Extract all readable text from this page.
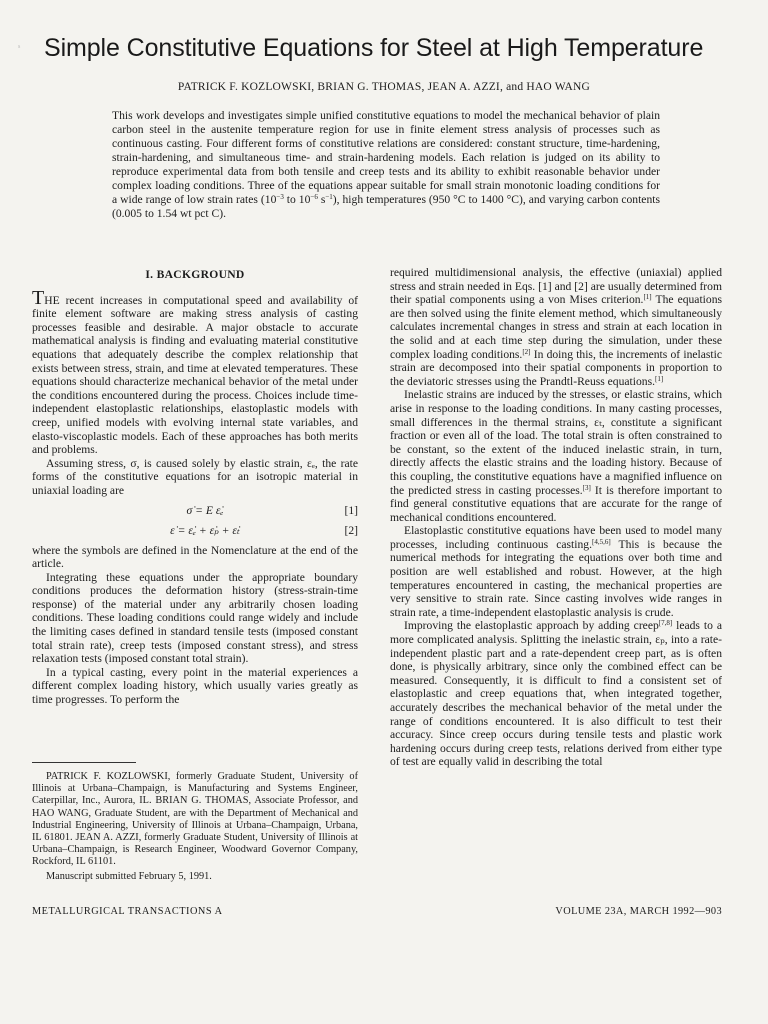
s Simple Constitutive Equations for Steel at High Temperature
PATRICK F. KOZLOWSKI, BRIAN G. THOMAS, JEAN A. AZZI, and HAO WANG

This work develops and investigates simple unified constitutive equations to model the mechanical behavior of plain carbon steel in the austenite temperature region for use in finite element stress analysis of processes such as continuous casting. Four different forms of constitutive relations are considered: constant structure, time-hardening, strain-hardening, and simultaneous time- and strain-hardening models. Each relation is judged on its ability to reproduce experimental data from both tensile and creep tests and its ability to exhibit reasonable behavior under complex loading conditions. Three of the equations appear suitable for small strain monotonic loading conditions for a wide range of low strain rates ($10^{-3}$ to $10^{-6}$ $s^{-1}$), high temperatures (950 °C to 1400 °C), and varying carbon contents (0.005 to 1.54 wt pct C).

I. BACKGROUND

THE recent increases in computational speed and availability of finite element software are making stress analysis of casting processes feasible and desirable. A major obstacle to accurate mathematical analysis is finding and evaluating material constitutive equations that adequately describe the complex relationship that exists between stress, strain, and time at elevated temperatures. These equations should characterize mechanical behavior of the metal under the conditions encountered during the process. Choices include time-independent elastoplastic relationships, elastoplastic models with creep, unified models with evolving internal state variables, and elasto-viscoplastic models. Each of these approaches has both merits and problems.

Assuming stress, σ, is caused solely by elastic strain, εₑ, the rate forms of the constitutive equations for an isotropic material in uniaxial loading are

σ̇ = E ε̇ₑ	[1]
ε̇ = ε̇ₑ + ε̇ₚ + ε̇ₜ	[2]

where the symbols are defined in the Nomenclature at the end of the article.

Integrating these equations under the appropriate boundary conditions produces the deformation history (stress-strain-time response) of the material under any arbitrarily chosen loading conditions. These loading conditions could range widely and include the limiting cases defined in standard tensile tests (imposed constant total strain rate), creep tests (imposed constant stress), and stress relaxation tests (imposed constant total strain).

In a typical casting, every point in the material experiences a different complex loading history, which usually varies greatly as time progresses. To perform the

required multidimensional analysis, the effective (uniaxial) applied stress and strain needed in Eqs. [1] and [2] are usually determined from their spatial components using a von Mises criterion.[1] The equations are then solved using the finite element method, which simultaneously calculates incremental changes in stress and strain at each location in the solid and at each time step during the simulation, under these complex loading conditions.[2] In doing this, the increments of inelastic strain are decomposed into their spatial components in proportion to the deviatoric stresses using the Prandtl-Reuss equations.[1]

Inelastic strains are induced by the stresses, or elastic strains, which arise in response to the loading conditions. In many casting processes, small differences in the thermal strains, εₜ, constitute a significant fraction or even all of the load. The total strain is often constrained to be constant, so the extent of the induced inelastic strain, in turn, directly affects the elastic strains and the loading history. Because of this coupling, the constitutive equations have a magnified influence on the predicted stress in casting processes.[3] It is therefore important to find general constitutive equations that are accurate for the range of mechanical conditions encountered.

Elastoplastic constitutive equations have been used to model many processes, including continuous casting.[4,5,6] This is because the numerical methods for integrating the equations over both time and position are well established and robust. However, at the high temperatures encountered in casting, the mechanical properties are very sensitive to strain rate. Since casting involves wide ranges in strain rate, a time-independent elastoplastic analysis is crude.

Improving the elastoplastic approach by adding creep[7,8] leads to a more complicated analysis. Splitting the inelastic strain, εₚ, into a rate-independent plastic part and a rate-dependent creep part, as is often done, is physically arbitrary, since only the combined effect can be measured. Consequently, it is difficult to find a consistent set of elastoplastic and creep equations that, when integrated together, accurately describes the mechanical behavior of the metal under the range of conditions encountered. It is also difficult to test their accuracy. Since creep occurs during tensile tests and plastic work hardening occurs during creep tests, relations derived from either type of test are equally valid in describing the total

PATRICK F. KOZLOWSKI, formerly Graduate Student, University of Illinois at Urbana–Champaign, is Manufacturing and Systems Engineer, Caterpillar, Inc., Aurora, IL. BRIAN G. THOMAS, Associate Professor, and HAO WANG, Graduate Student, are with the Department of Mechanical and Industrial Engineering, University of Illinois at Urbana–Champaign, Urbana, IL 61801. JEAN A. AZZI, formerly Graduate Student, University of Illinois at Urbana–Champaign, is Research Engineer, Woodward Governor Company, Rockford, IL 61101.

Manuscript submitted February 5, 1991.

METALLURGICAL TRANSACTIONS A	VOLUME 23A, MARCH 1992—903
